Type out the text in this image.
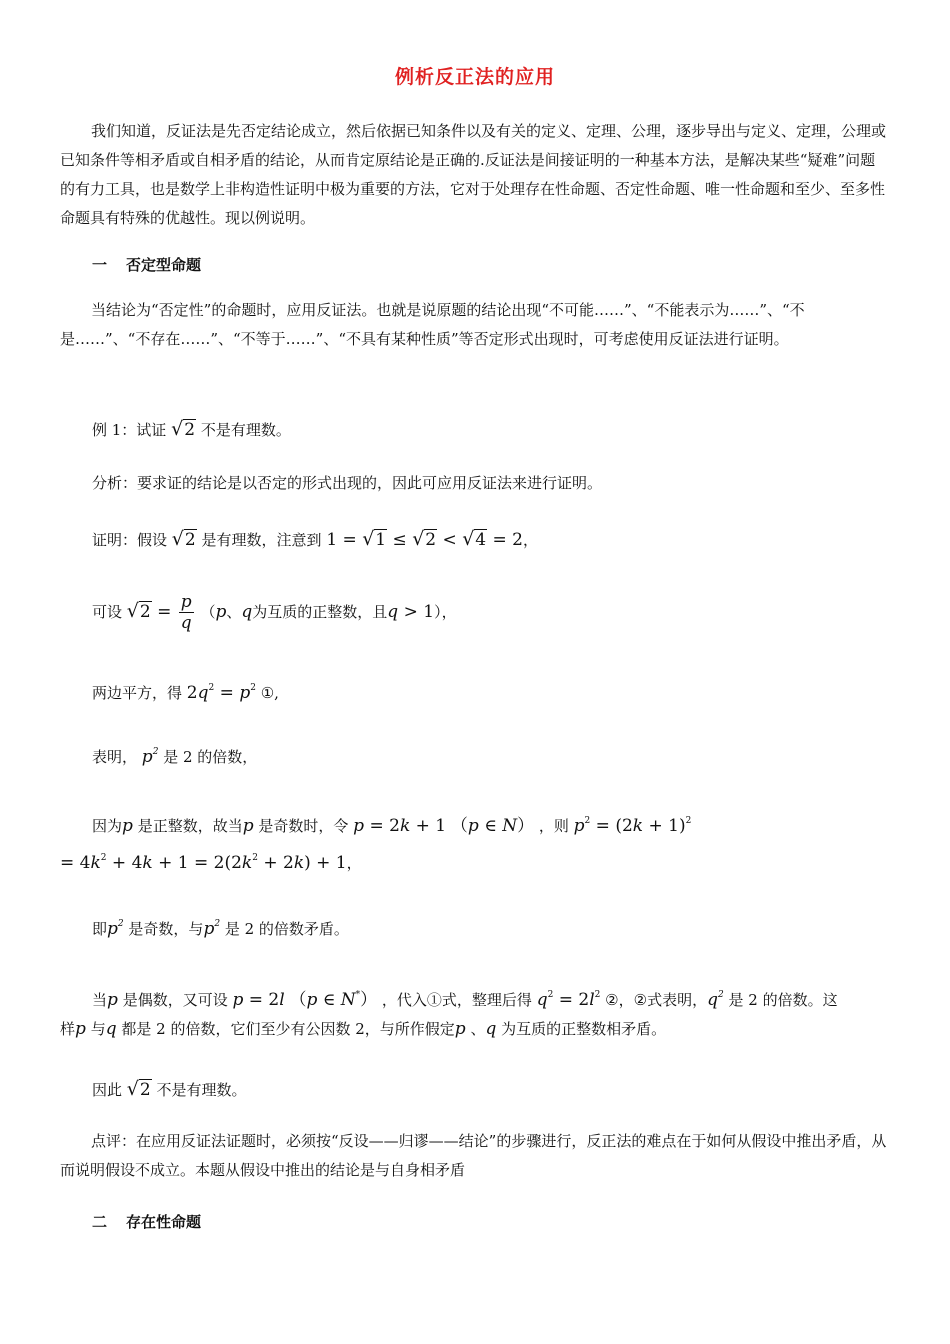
例析反正法的应用

我们知道，反证法是先否定结论成立，然后依据已知条件以及有关的定义、定理、公理，逐步导出与定义、定理，公理或已知条件等相矛盾或自相矛盾的结论，从而肯定原结论是正确的.反证法是间接证明的一种基本方法，是解决某些“疑难”问题的有力工具，也是数学上非构造性证明中极为重要的方法，它对于处理存在性命题、否定性命题、唯一性命题和至少、至多性命题具有特殊的优越性。现以例说明。

一 否定型命题

当结论为“否定性”的命题时，应用反证法。也就是说原题的结论出现“不可能……”、“不能表示为……”、“不是……”、“不存在……”、“不等于……”、“不具有某种性质”等否定形式出现时，可考虑使用反证法进行证明。

例 1：试证 √2 不是有理数。
分析：要求证的结论是以否定的形式出现的，因此可应用反证法来进行证明。
证明：假设 √2 是有理数，注意到 1 = √1 ≤ √2 < √4 = 2，
可设 $√2 = \frac{p}{q} (p$、q为互质的正整数，且q > 1），
两边平方，得 $2q^2 = p^2$ ①,
表明， $p^2$ 是 2 的倍数，
因为p 是正整数，故当p 是奇数时，令 p = 2k + 1 （p ∈ N） ，则 $p^2 = (2k + 1)^2$
= $4k^2 + 4k + 1 = 2(2k^2 + 2k) + 1$，
即$p^2$ 是奇数，与$p^2$ 是 2 的倍数矛盾。
当p 是偶数，又可设 p = 2l （p ∈ N*） ，代入①式，整理后得 $q^2 = 2l^2$ ②，②式表明，$q^2$ 是 2 的倍数。这
样p 与q 都是 2 的倍数，它们至少有公因数 2，与所作假定p 、q 为互质的正整数相矛盾。
因此 √2 不是有理数。

点评：在应用反证法证题时，必须按“反设——归谬——结论”的步骤进行，反正法的难点在于如何从假设中推出矛盾，从而说明假设不成立。本题从假设中推出的结论是与自身相矛盾

二 存在性命题
